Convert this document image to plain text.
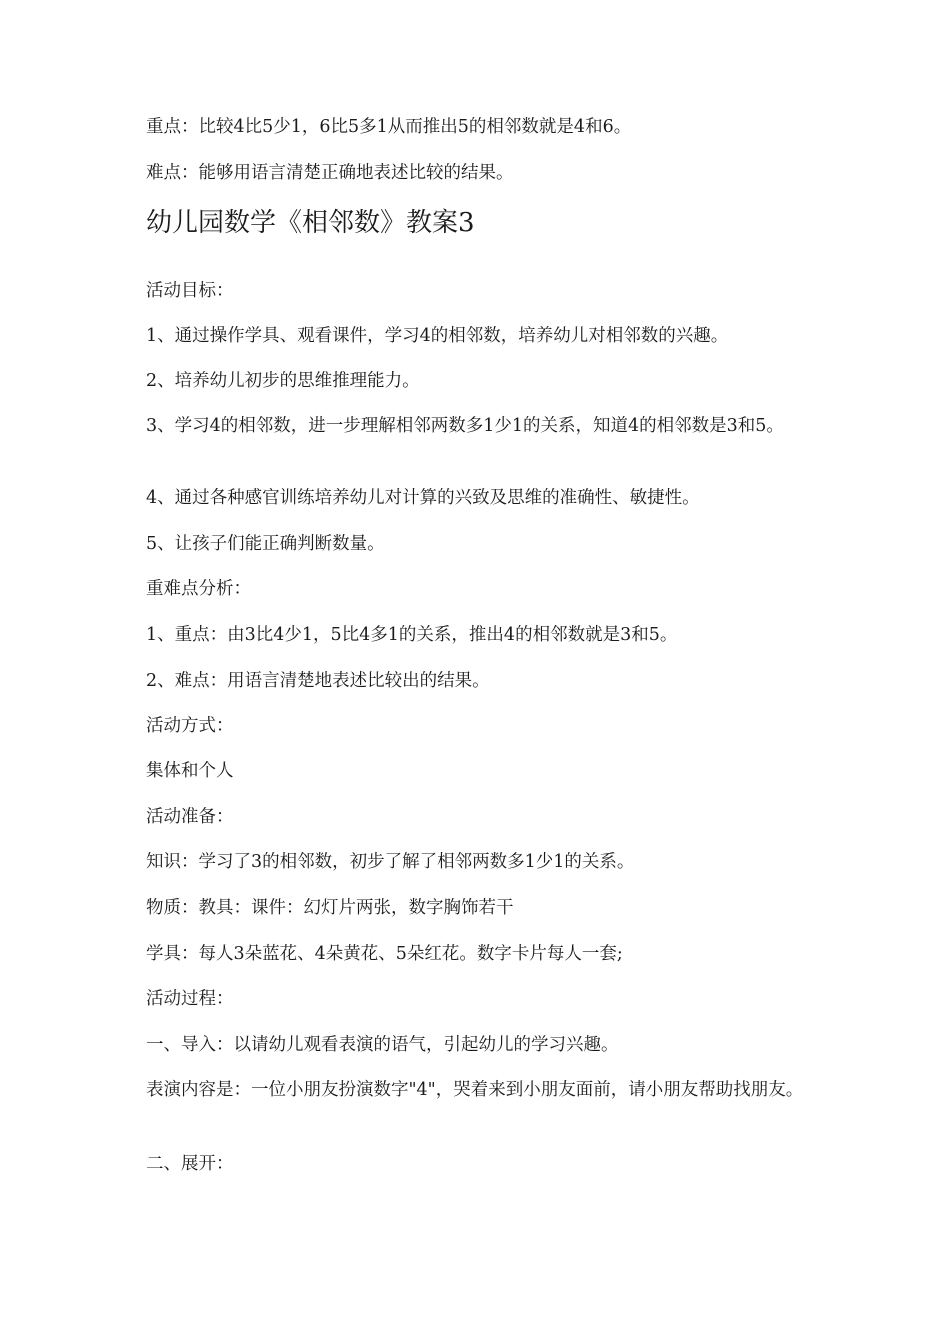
重点：比较4比5少1，6比5多1从而推出5的相邻数就是4和6。

难点：能够用语言清楚正确地表述比较的结果。

幼儿园数学《相邻数》教案3

活动目标：

1、通过操作学具、观看课件，学习4的相邻数，培养幼儿对相邻数的兴趣。

2、培养幼儿初步的思维推理能力。

3、学习4的相邻数，进一步理解相邻两数多1少1的关系，知道4的相邻数是3和5。

4、通过各种感官训练培养幼儿对计算的兴致及思维的准确性、敏捷性。

5、让孩子们能正确判断数量。

重难点分析：

1、重点：由3比4少1，5比4多1的关系，推出4的相邻数就是3和5。

2、难点：用语言清楚地表述比较出的结果。

活动方式：

集体和个人

活动准备：

知识：学习了3的相邻数，初步了解了相邻两数多1少1的关系。

物质：教具：课件：幻灯片两张，数字胸饰若干

学具：每人3朵蓝花、4朵黄花、5朵红花。数字卡片每人一套;

活动过程：

一、导入：以请幼儿观看表演的语气，引起幼儿的学习兴趣。

表演内容是：一位小朋友扮演数字"4"，哭着来到小朋友面前，请小朋友帮助找朋友。

二、展开：
